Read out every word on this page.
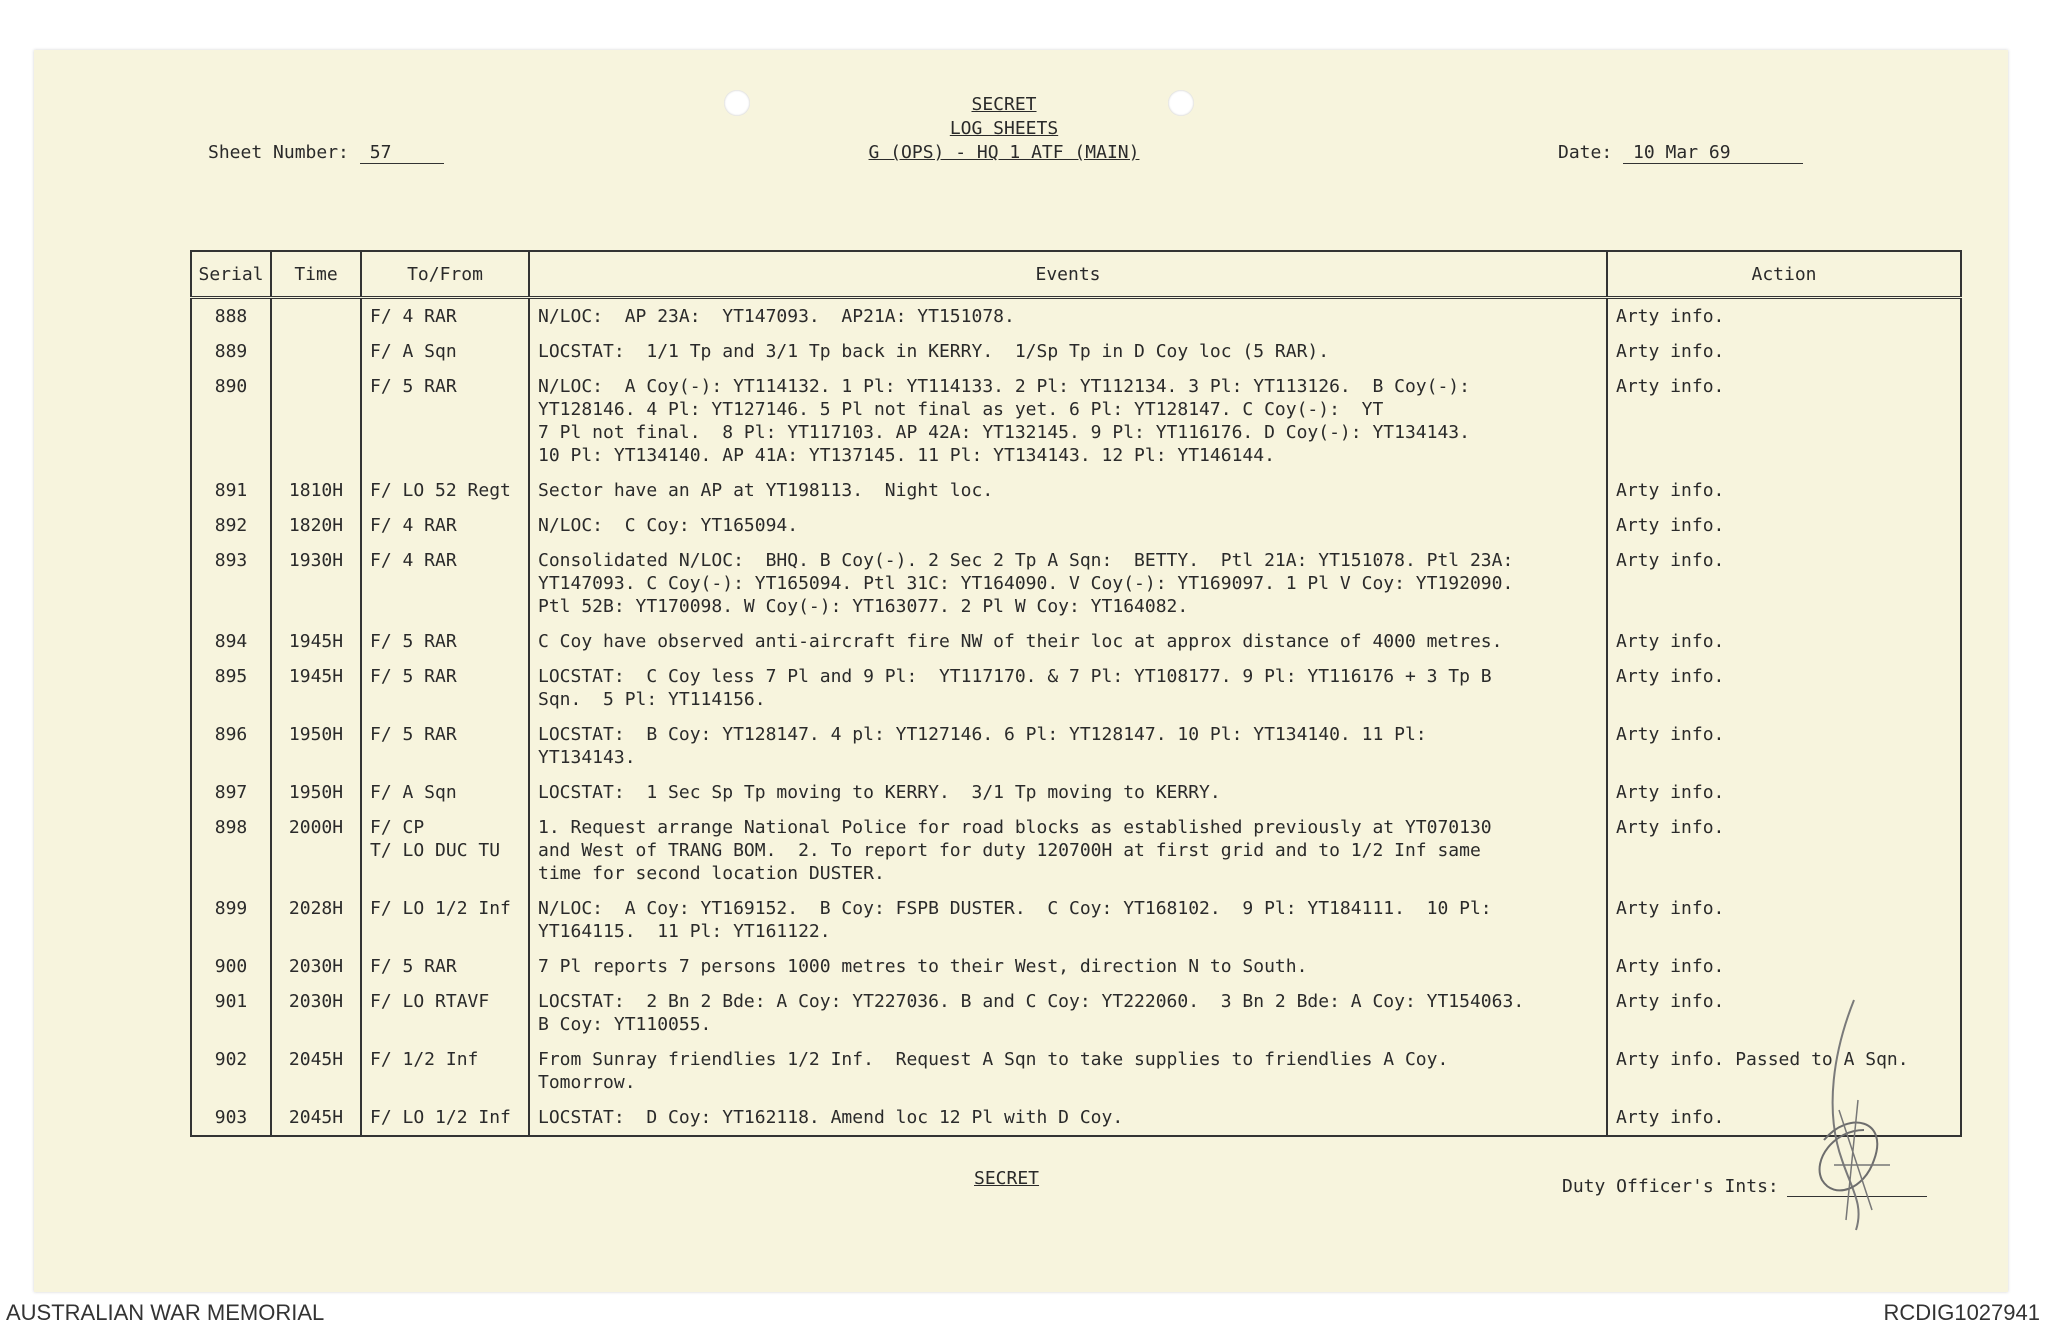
SECRET
LOG SHEETS
G (OPS) - HQ 1 ATF (MAIN)
Sheet Number: 57	Date: 10 Mar 69
Serial	Time	To/From	Events	Action
888		F/ 4 RAR	N/LOC:  AP 23A:  YT147093.  AP21A: YT151078.	Arty info.
889		F/ A Sqn	LOCSTAT:  1/1 Tp and 3/1 Tp back in KERRY.  1/Sp Tp in D Coy loc (5 RAR).	Arty info.
890		F/ 5 RAR	N/LOC:  A Coy(-): YT114132. 1 Pl: YT114133. 2 Pl: YT112134. 3 Pl: YT113126.  B Coy(-):
YT128146. 4 Pl: YT127146. 5 Pl not final as yet. 6 Pl: YT128147. C Coy(-):  YT
7 Pl not final.  8 Pl: YT117103. AP 42A: YT132145. 9 Pl: YT116176. D Coy(-): YT134143.
10 Pl: YT134140. AP 41A: YT137145. 11 Pl: YT134143. 12 Pl: YT146144.	Arty info.
891	1810H	F/ LO 52 Regt	Sector have an AP at YT198113.  Night loc.	Arty info.
892	1820H	F/ 4 RAR	N/LOC:  C Coy: YT165094.	Arty info.
893	1930H	F/ 4 RAR	Consolidated N/LOC:  BHQ. B Coy(-). 2 Sec 2 Tp A Sqn:  BETTY.  Ptl 21A: YT151078. Ptl 23A:
YT147093. C Coy(-): YT165094. Ptl 31C: YT164090. V Coy(-): YT169097. 1 Pl V Coy: YT192090.
Ptl 52B: YT170098. W Coy(-): YT163077. 2 Pl W Coy: YT164082.	Arty info.
894	1945H	F/ 5 RAR	C Coy have observed anti-aircraft fire NW of their loc at approx distance of 4000 metres.	Arty info.
895	1945H	F/ 5 RAR	LOCSTAT:  C Coy less 7 Pl and 9 Pl:  YT117170. & 7 Pl: YT108177. 9 Pl: YT116176 + 3 Tp B
Sqn.  5 Pl: YT114156.	Arty info.
896	1950H	F/ 5 RAR	LOCSTAT:  B Coy: YT128147. 4 pl: YT127146. 6 Pl: YT128147. 10 Pl: YT134140. 11 Pl:
YT134143.	Arty info.
897	1950H	F/ A Sqn	LOCSTAT:  1 Sec Sp Tp moving to KERRY.  3/1 Tp moving to KERRY.	Arty info.
898	2000H	F/ CP
T/ LO DUC TU	1. Request arrange National Police for road blocks as established previously at YT070130
and West of TRANG BOM.  2. To report for duty 120700H at first grid and to 1/2 Inf same
time for second location DUSTER.	Arty info.
899	2028H	F/ LO 1/2 Inf	N/LOC:  A Coy: YT169152.  B Coy: FSPB DUSTER.  C Coy: YT168102.  9 Pl: YT184111.  10 Pl:
YT164115.  11 Pl: YT161122.	Arty info.
900	2030H	F/ 5 RAR	7 Pl reports 7 persons 1000 metres to their West, direction N to South.	Arty info.
901	2030H	F/ LO RTAVF	LOCSTAT:  2 Bn 2 Bde: A Coy: YT227036. B and C Coy: YT222060.  3 Bn 2 Bde: A Coy: YT154063.
B Coy: YT110055.	Arty info.
902	2045H	F/ 1/2 Inf	From Sunray friendlies 1/2 Inf.  Request A Sqn to take supplies to friendlies A Coy.
Tomorrow.	Arty info. Passed to A Sqn.
903	2045H	F/ LO 1/2 Inf	LOCSTAT:  D Coy: YT162118. Amend loc 12 Pl with D Coy.	Arty info.
SECRET	Duty Officer's Ints:
AUSTRALIAN WAR MEMORIAL	RCDIG1027941
